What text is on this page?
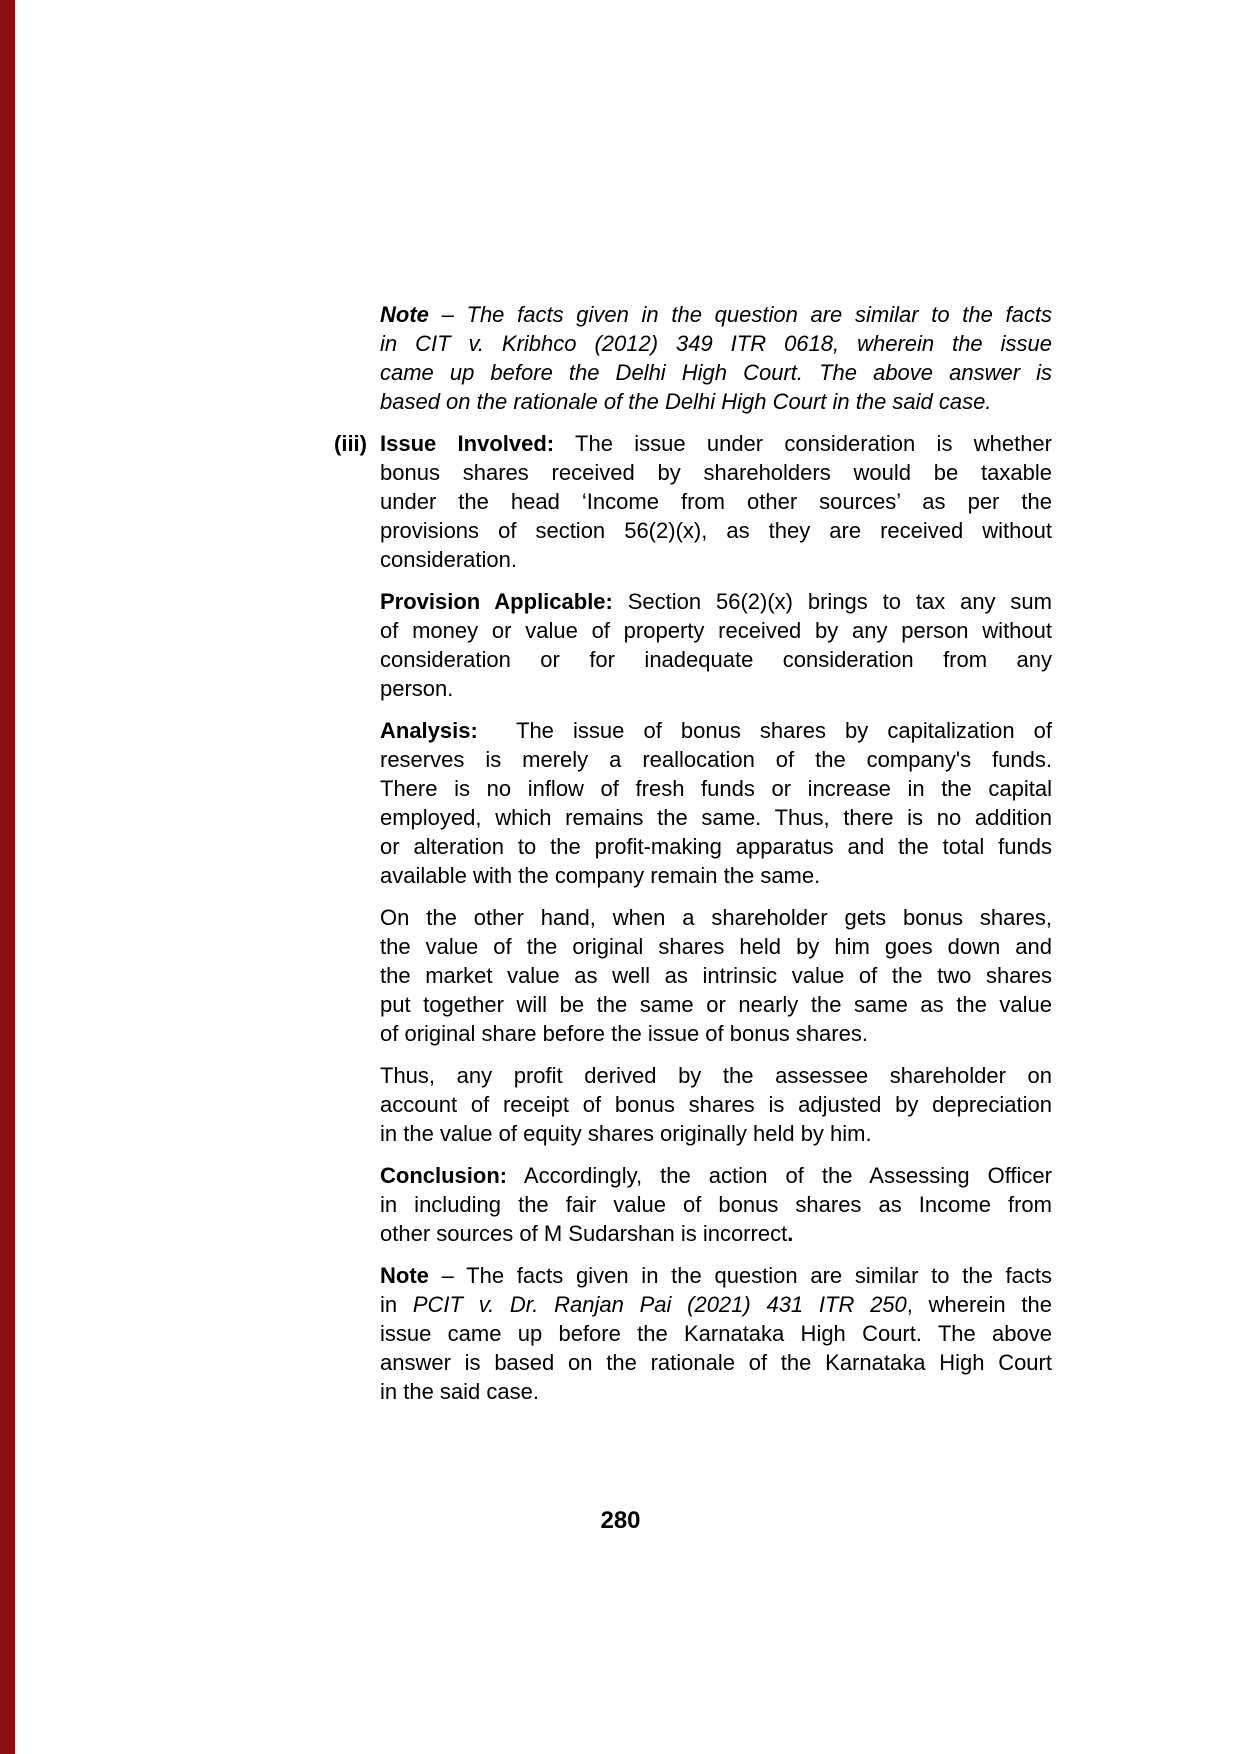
Note – The facts given in the question are similar to the facts
in CIT v. Kribhco (2012) 349 ITR 0618, wherein the issue
came up before the Delhi High Court. The above answer is
based on the rationale of the Delhi High Court in the said case.
(iii) Issue Involved: The issue under consideration is whether
bonus shares received by shareholders would be taxable
under the head ‘Income from other sources’ as per the
provisions of section 56(2)(x), as they are received without
consideration.
Provision Applicable: Section 56(2)(x) brings to tax any sum
of money or value of property received by any person without
consideration or for inadequate consideration from any
person.
Analysis:  The issue of bonus shares by capitalization of
reserves is merely a reallocation of the company's funds.
There is no inflow of fresh funds or increase in the capital
employed, which remains the same. Thus, there is no addition
or alteration to the profit-making apparatus and the total funds
available with the company remain the same.
On the other hand, when a shareholder gets bonus shares,
the value of the original shares held by him goes down and
the market value as well as intrinsic value of the two shares
put together will be the same or nearly the same as the value
of original share before the issue of bonus shares.
Thus, any profit derived by the assessee shareholder on
account of receipt of bonus shares is adjusted by depreciation
in the value of equity shares originally held by him.
Conclusion: Accordingly, the action of the Assessing Officer
in including the fair value of bonus shares as Income from
other sources of M Sudarshan is incorrect.
Note – The facts given in the question are similar to the facts
in PCIT v. Dr. Ranjan Pai (2021) 431 ITR 250, wherein the
issue came up before the Karnataka High Court. The above
answer is based on the rationale of the Karnataka High Court
in the said case.
280
